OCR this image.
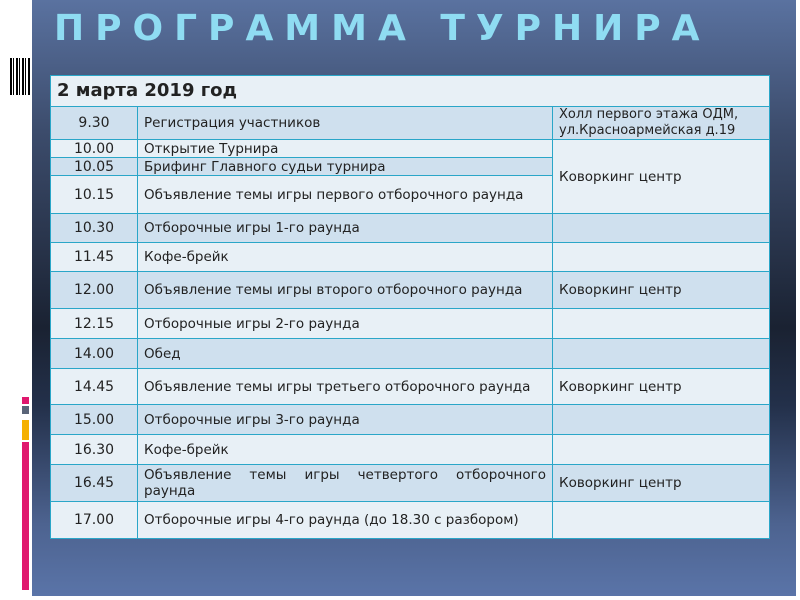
ПРОГРАММА ТУРНИРА
2 марта 2019 год		
9.30	Регистрация участников	Холл первого этажа ОДМ, ул.Красноармейская д.19
10.00	Открытие Турнира	Коворкинг центр
10.05	Брифинг Главного судьи турнира	
10.15	Объявление темы игры первого отборочного раунда	
10.30	Отборочные игры 1-го раунда	
11.45	Кофе-брейк	
12.00	Объявление темы игры второго отборочного раунда	Коворкинг центр
12.15	Отборочные игры 2-го раунда	
14.00	Обед	
14.45	Объявление темы игры третьего отборочного раунда	Коворкинг центр
15.00	Отборочные игры 3-го раунда	
16.30	Кофе-брейк	
16.45	Объявление темы игры четвертого отборочного раунда	Коворкинг центр
17.00	Отборочные игры 4-го раунда (до 18.30 с разбором)	
